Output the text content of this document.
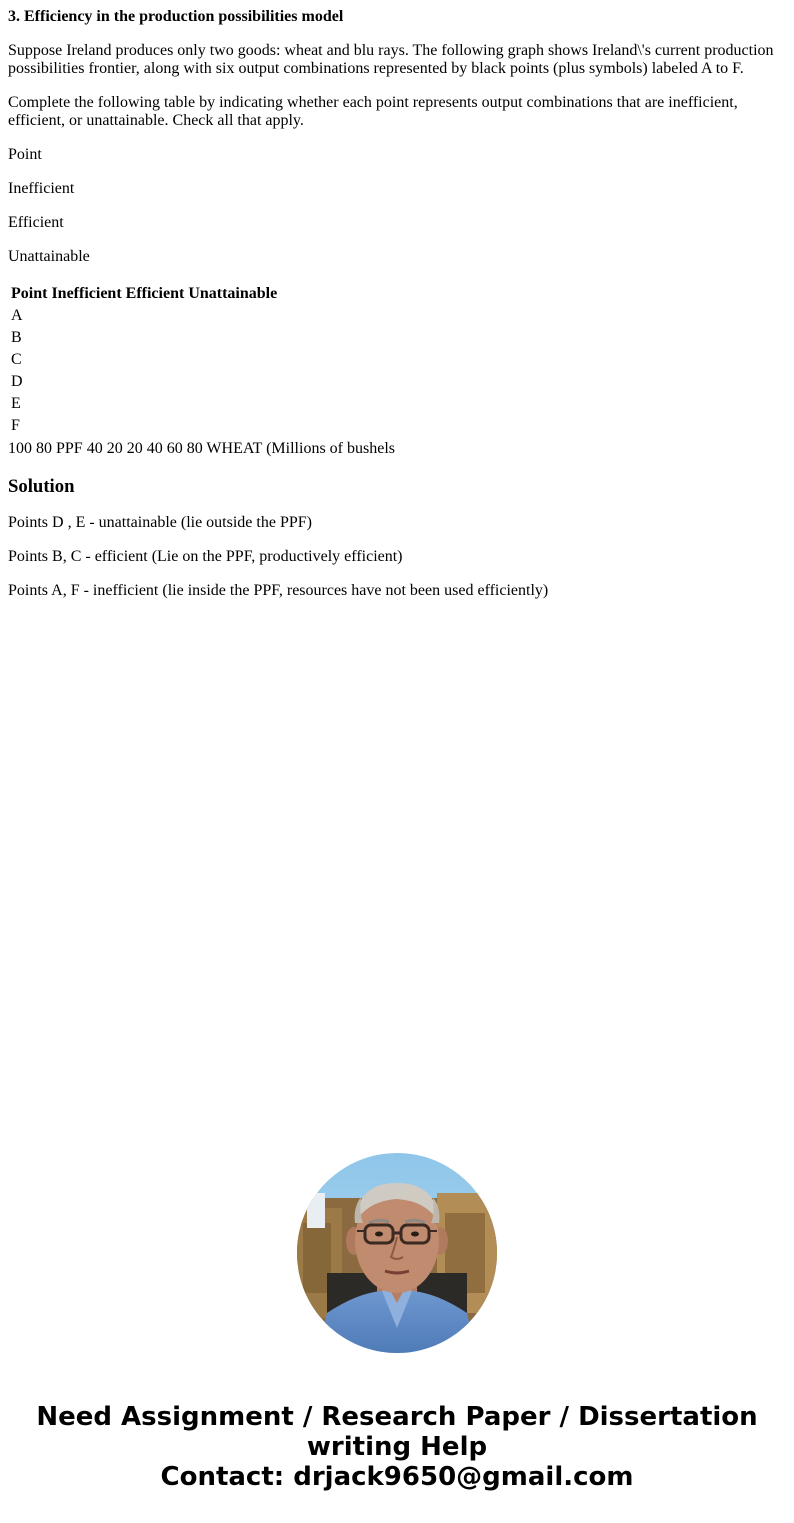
3. Efficiency in the production possibilities model

Suppose Ireland produces only two goods: wheat and blu rays. The following graph shows Ireland\'s current production possibilities frontier, along with six output combinations represented by black points (plus symbols) labeled A to F.

Complete the following table by indicating whether each point represents output combinations that are inefficient, efficient, or unattainable. Check all that apply.

Point

Inefficient

Efficient

Unattainable

Point	Inefficient	Efficient	Unattainable
A			
B			
C			
D			
E			
F			
100 80 PPF 40 20 20 40 60 80 WHEAT (Millions of bushels
Solution

Points D , E - unattainable (lie outside the PPF)

Points B, C - efficient (Lie on the PPF, productively efficient)

Points A, F - inefficient (lie inside the PPF, resources have not been used efficiently)

Need Assignment / Research Paper / Dissertation
writing Help
Contact: drjack9650@gmail.com
